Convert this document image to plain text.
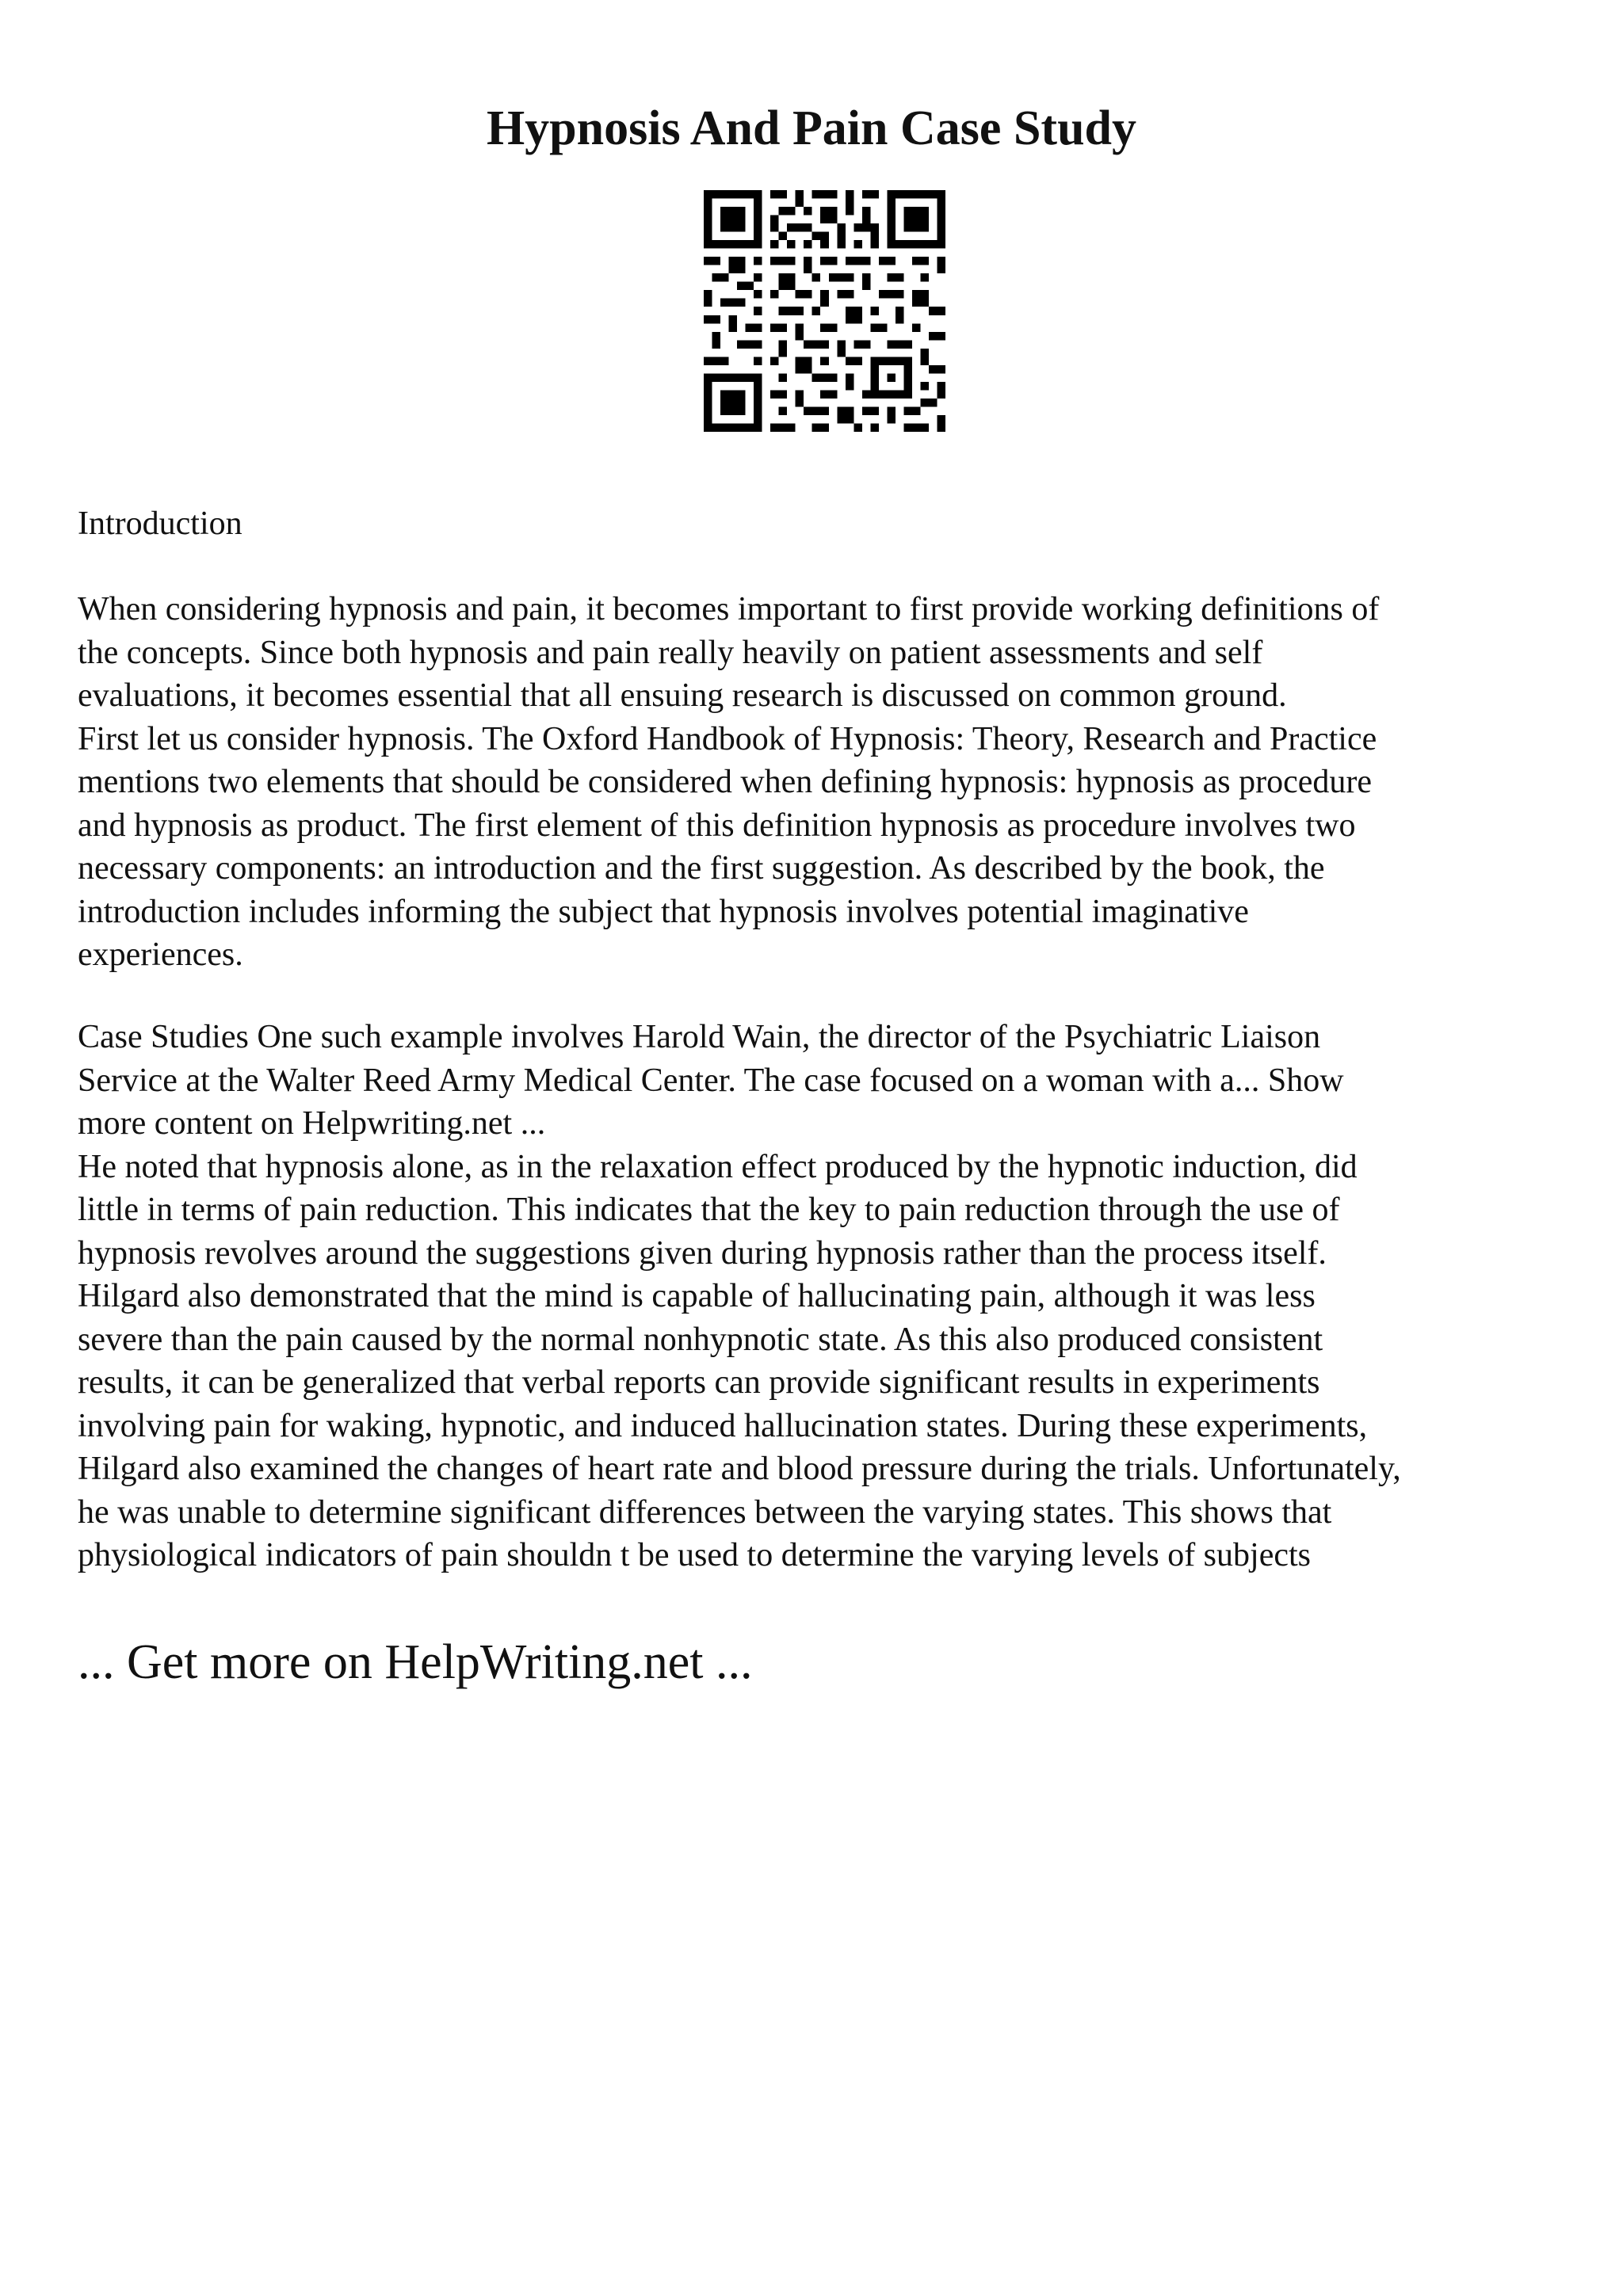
Hypnosis And Pain Case Study

Introduction

When considering hypnosis and pain, it becomes important to first provide working definitions of
the concepts. Since both hypnosis and pain really heavily on patient assessments and self
evaluations, it becomes essential that all ensuing research is discussed on common ground.
First let us consider hypnosis. The Oxford Handbook of Hypnosis: Theory, Research and Practice
mentions two elements that should be considered when defining hypnosis: hypnosis as procedure
and hypnosis as product. The first element of this definition hypnosis as procedure involves two
necessary components: an introduction and the first suggestion. As described by the book, the
introduction includes informing the subject that hypnosis involves potential imaginative
experiences.

Case Studies One such example involves Harold Wain, the director of the Psychiatric Liaison
Service at the Walter Reed Army Medical Center. The case focused on a woman with a... Show
more content on Helpwriting.net ...
He noted that hypnosis alone, as in the relaxation effect produced by the hypnotic induction, did
little in terms of pain reduction. This indicates that the key to pain reduction through the use of
hypnosis revolves around the suggestions given during hypnosis rather than the process itself.
Hilgard also demonstrated that the mind is capable of hallucinating pain, although it was less
severe than the pain caused by the normal nonhypnotic state. As this also produced consistent
results, it can be generalized that verbal reports can provide significant results in experiments
involving pain for waking, hypnotic, and induced hallucination states. During these experiments,
Hilgard also examined the changes of heart rate and blood pressure during the trials. Unfortunately,
he was unable to determine significant differences between the varying states. This shows that
physiological indicators of pain shouldn t be used to determine the varying levels of subjects

... Get more on HelpWriting.net ...
